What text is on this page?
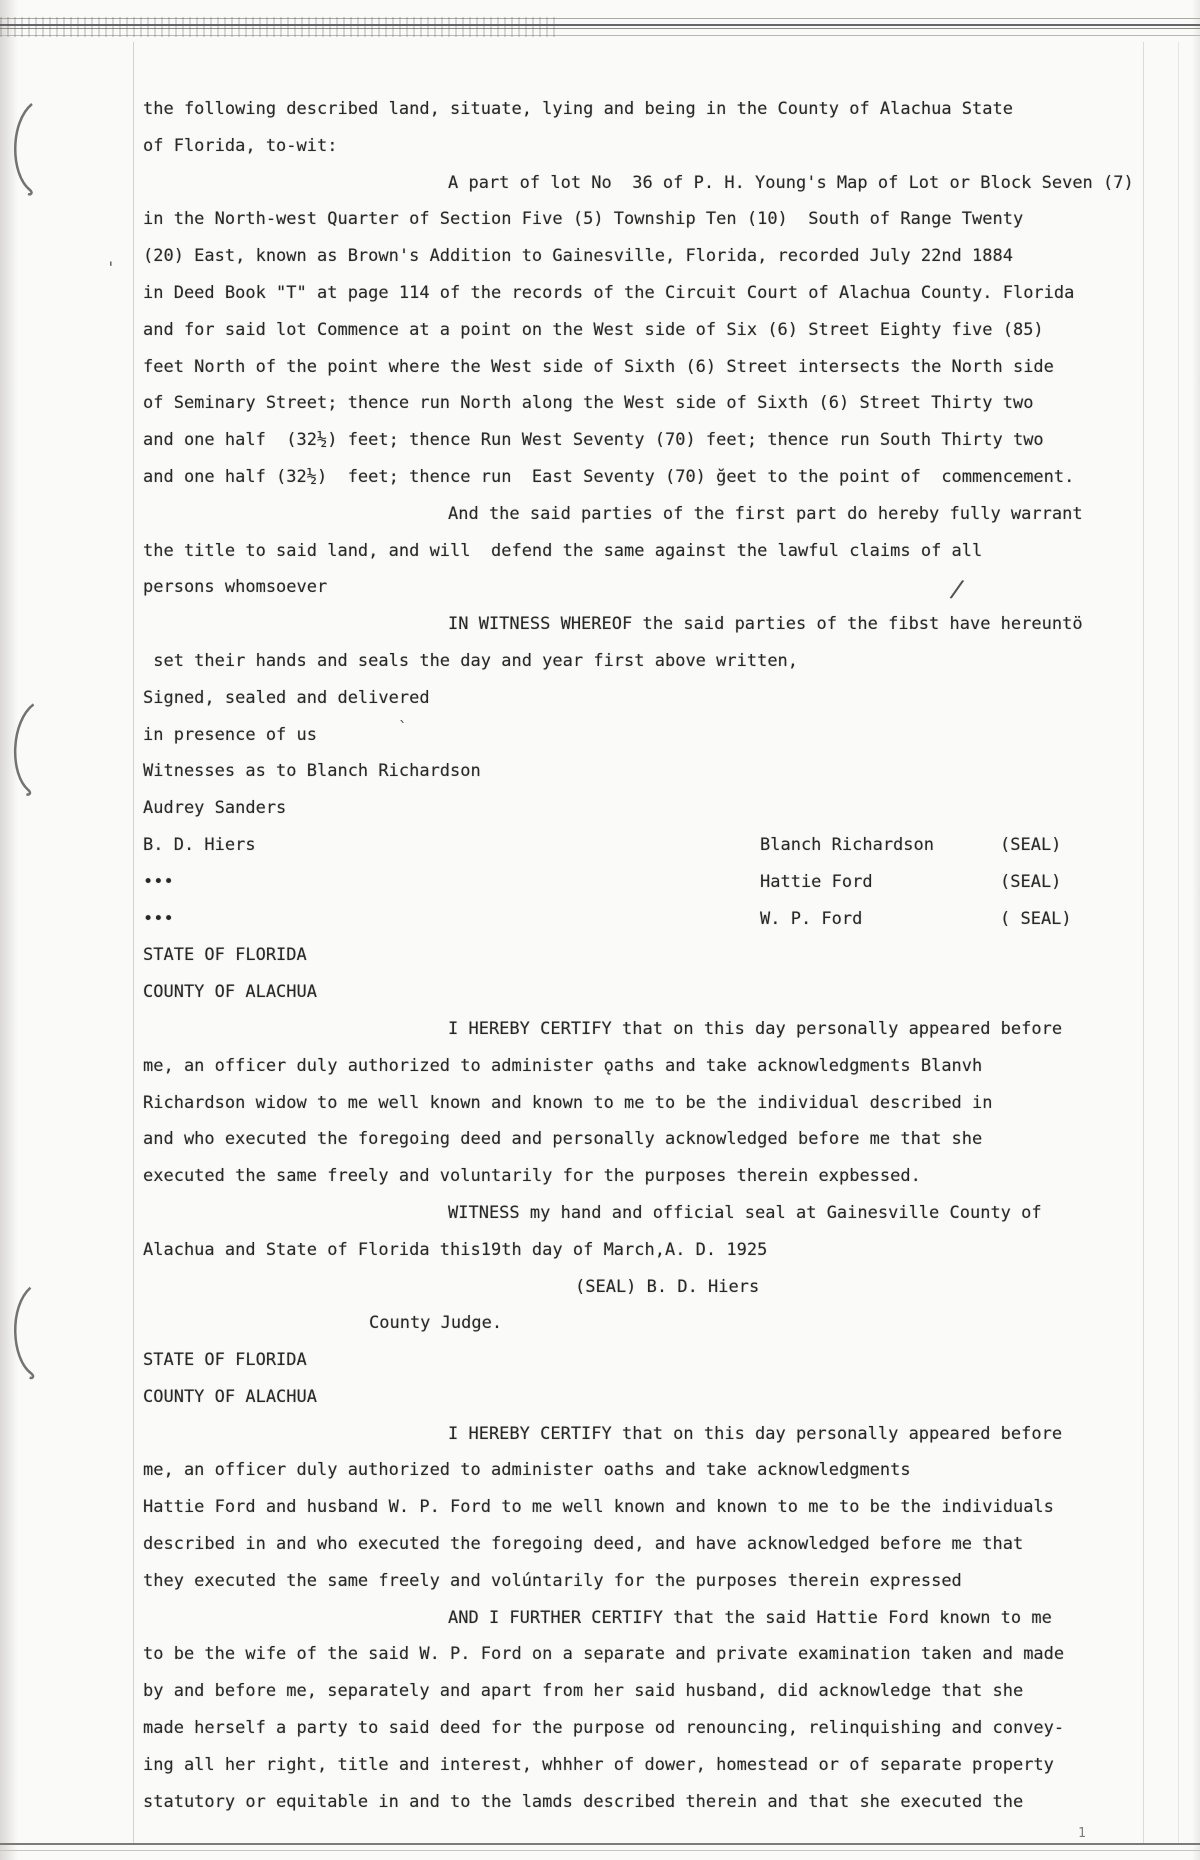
the following described land, situate, lying and being in the County of Alachua State
of Florida, to-wit:
A part of lot No  36 of P. H. Young's Map of Lot or Block Seven (7)
in the North-west Quarter of Section Five (5) Township Ten (10)  South of Range Twenty
(20) East, known as Brown's Addition to Gainesville, Florida, recorded July 22nd 1884
in Deed Book "T" at page 114 of the records of the Circuit Court of Alachua County. Florida
and for said lot Commence at a point on the West side of Six (6) Street Eighty five (85)
feet North of the point where the West side of Sixth (6) Street intersects the North side
of Seminary Street; thence run North along the West side of Sixth (6) Street Thirty two
and one half  (32½) feet; thence Run West Seventy (70) feet; thence run South Thirty two
and one half (32½)  feet; thence run  East Seventy (70) ğeet to the point of  commencement.
And the said parties of the first part do hereby fully warrant
the title to said land, and will  defend the same against the lawful claims of all
persons whomsoever
IN WITNESS WHEREOF the said parties of the fibst have hereuntö
set their hands and seals the day and year first above written,
Signed, sealed and delivered
in presence of us
Witnesses as to Blanch Richardson
Audrey Sanders
B. D. Hiers	Blanch Richardson	(SEAL)
•••	Hattie Ford	(SEAL)
•••	W. P. Ford	( SEAL)
STATE OF FLORIDA
COUNTY OF ALACHUA
I HEREBY CERTIFY that on this day personally appeared before
me, an officer duly authorized to administer ǫaths and take acknowledgments Blanvh
Richardson widow to me well known and known to me to be the individual described in
and who executed the foregoing deed and personally acknowledged before me that she
executed the same freely and voluntarily for the purposes therein expbessed.
WITNESS my hand and official seal at Gainesville County of
Alachua and State of Florida this19th day of March,A. D. 1925
(SEAL) B. D. Hiers
County Judge.
STATE OF FLORIDA
COUNTY OF ALACHUA
I HEREBY CERTIFY that on this day personally appeared before
me, an officer duly authorized to administer oaths and take acknowledgments
Hattie Ford and husband W. P. Ford to me well known and known to me to be the individuals
described in and who executed the foregoing deed, and have acknowledged before me that
they executed the same freely and volúntarily for the purposes therein expressed
AND I FURTHER CERTIFY that the said Hattie Ford known to me
to be the wife of the said W. P. Ford on a separate and private examination taken and made
by and before me, separately and apart from her said husband, did acknowledge that she
made herself a party to said deed for the purpose od renouncing, relinquishing and convey-
ing all her right, title and interest, whhher of dower, homestead or of separate property
statutory or equitable in and to the lamds described therein and that she executed the
/
'
`
1
